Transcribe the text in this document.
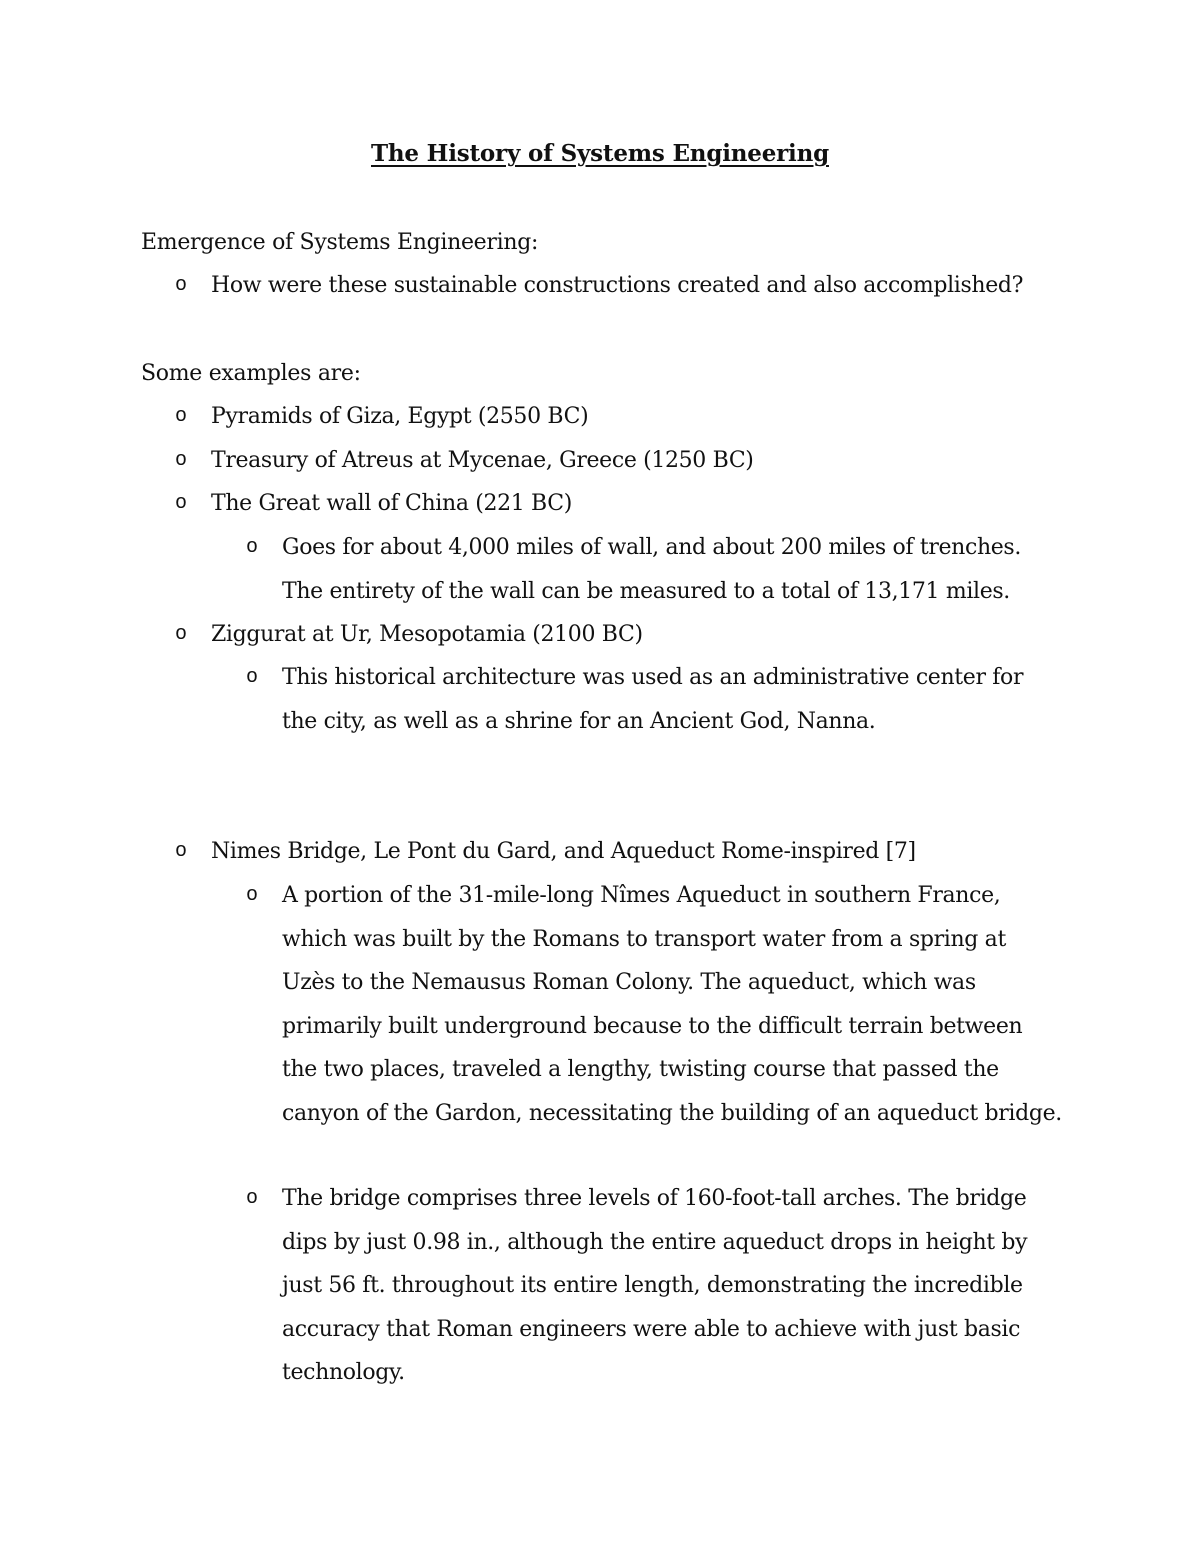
The History of Systems Engineering
Emergence of Systems Engineering:
o How were these sustainable constructions created and also accomplished?
Some examples are:
o Pyramids of Giza, Egypt (2550 BC)
o Treasury of Atreus at Mycenae, Greece (1250 BC)
o The Great wall of China (221 BC)
o Goes for about 4,000 miles of wall, and about 200 miles of trenches. The entirety of the wall can be measured to a total of 13,171 miles.
o Ziggurat at Ur, Mesopotamia (2100 BC)
o This historical architecture was used as an administrative center for the city, as well as a shrine for an Ancient God, Nanna.
o Nimes Bridge, Le Pont du Gard, and Aqueduct Rome-inspired [7]
o A portion of the 31-mile-long Nîmes Aqueduct in southern France, which was built by the Romans to transport water from a spring at Uzès to the Nemausus Roman Colony. The aqueduct, which was primarily built underground because to the difficult terrain between the two places, traveled a lengthy, twisting course that passed the canyon of the Gardon, necessitating the building of an aqueduct bridge.
o The bridge comprises three levels of 160-foot-tall arches. The bridge dips by just 0.98 in., although the entire aqueduct drops in height by just 56 ft. throughout its entire length, demonstrating the incredible accuracy that Roman engineers were able to achieve with just basic technology.
